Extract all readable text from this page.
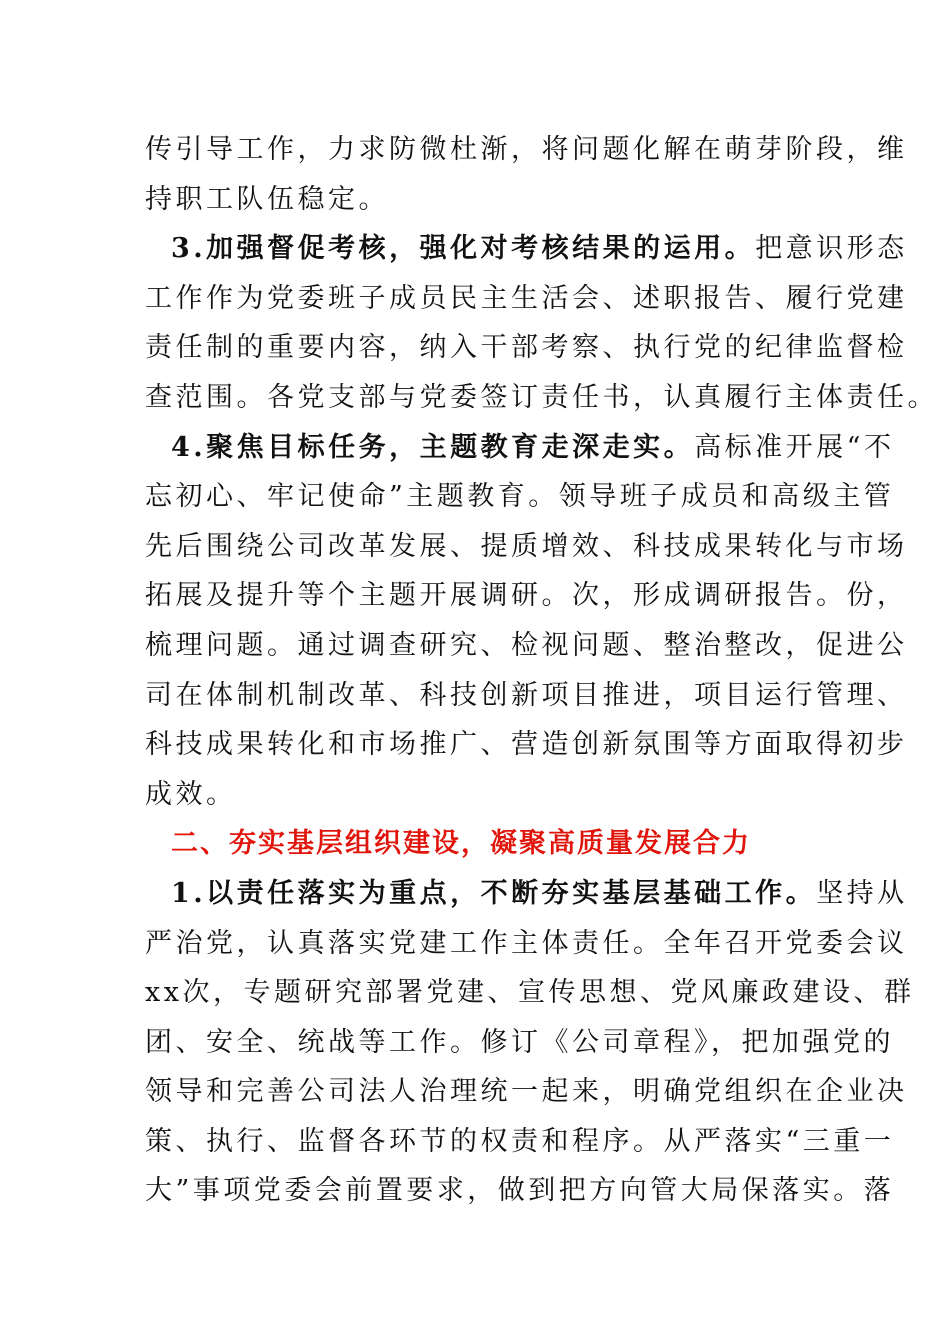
传引导工作，力求防微杜渐，将问题化解在萌芽阶段，维
持职工队伍稳定。
3.加强督促考核，强化对考核结果的运用。把意识形态
工作作为党委班子成员民主生活会、述职报告、履行党建
责任制的重要内容，纳入干部考察、执行党的纪律监督检
查范围。各党支部与党委签订责任书，认真履行主体责任。
4.聚焦目标任务，主题教育走深走实。高标准开展“不
忘初心、牢记使命”主题教育。领导班子成员和高级主管
先后围绕公司改革发展、提质增效、科技成果转化与市场
拓展及提升等个主题开展调研。次，形成调研报告。份，
梳理问题。通过调查研究、检视问题、整治整改，促进公
司在体制机制改革、科技创新项目推进，项目运行管理、
科技成果转化和市场推广、营造创新氛围等方面取得初步
成效。
二、夯实基层组织建设，凝聚高质量发展合力
1.以责任落实为重点，不断夯实基层基础工作。坚持从
严治党，认真落实党建工作主体责任。全年召开党委会议
xx次，专题研究部署党建、宣传思想、党风廉政建设、群
团、安全、统战等工作。修订《公司章程》，把加强党的
领导和完善公司法人治理统一起来，明确党组织在企业决
策、执行、监督各环节的权责和程序。从严落实“三重一
大”事项党委会前置要求，做到把方向管大局保落实。落
